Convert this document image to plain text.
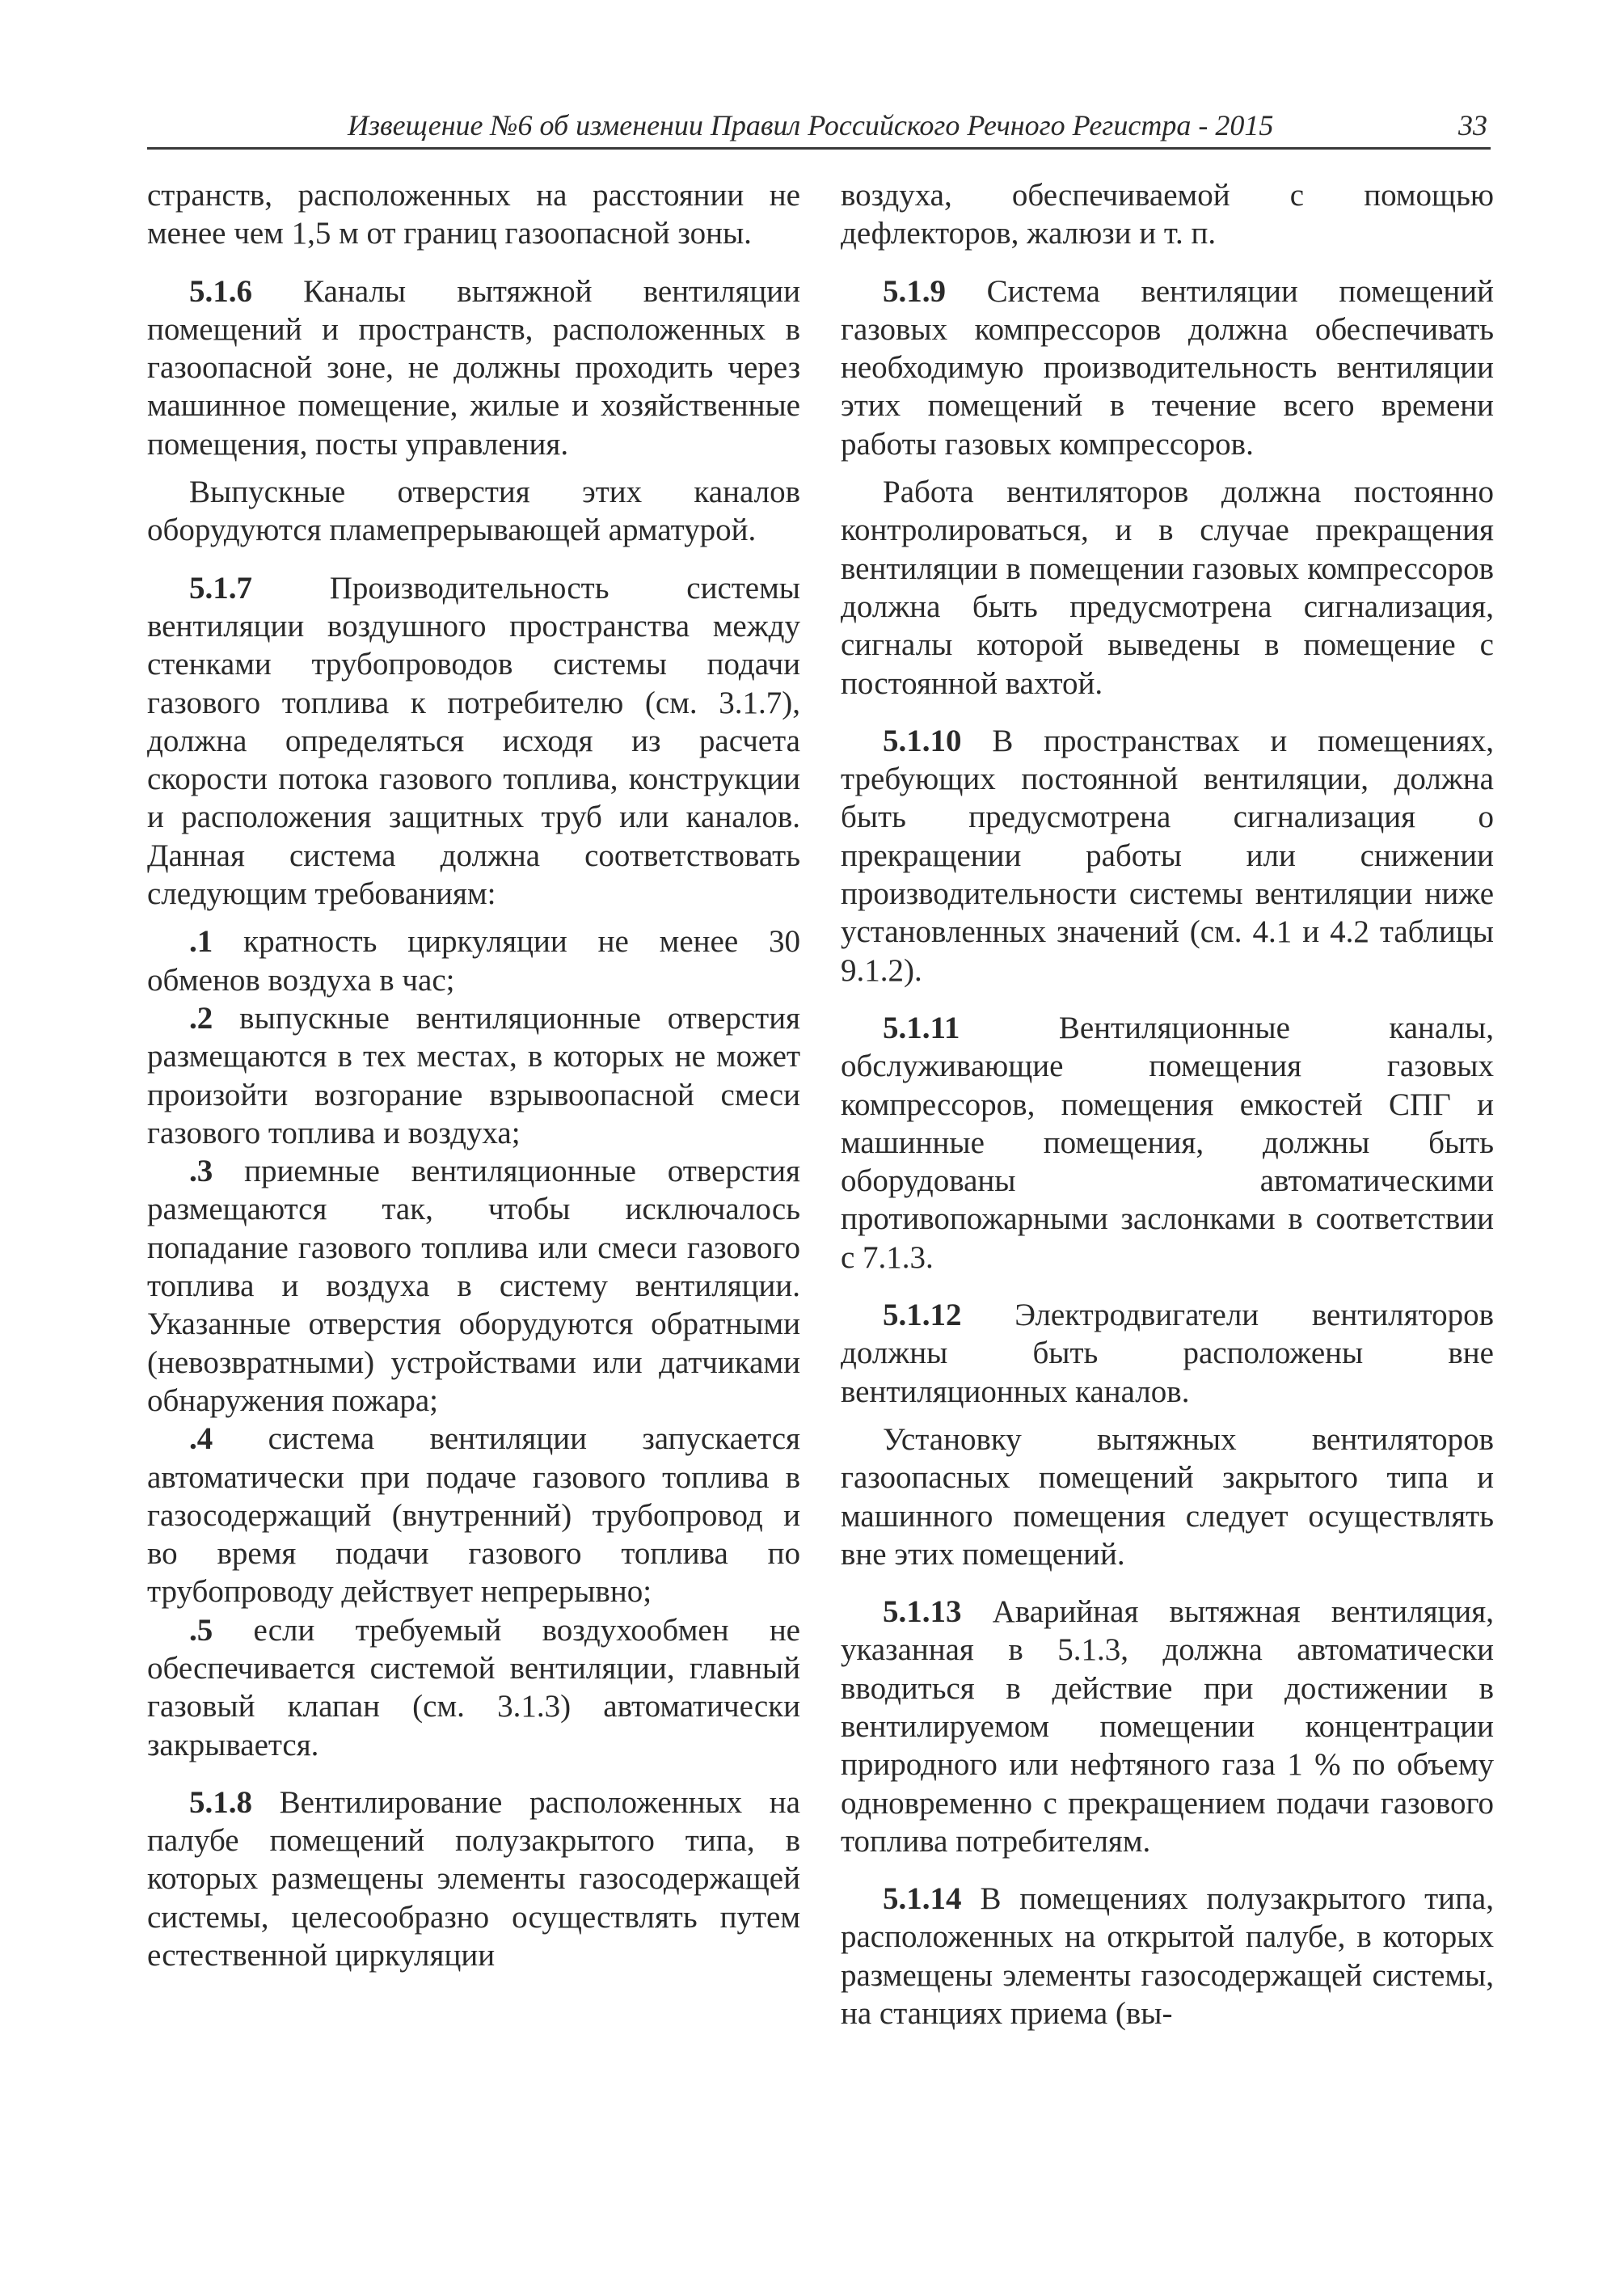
Извещение №6 об изменении Правил Российского Речного Регистра - 2015	33

странств, расположенных на расстоянии не менее чем 1,5 м от границ газоопасной зоны.

5.1.6 Каналы вытяжной вентиляции помещений и пространств, расположенных в газоопасной зоне, не должны проходить через машинное помещение, жилые и хозяйственные помещения, посты управления.

Выпускные отверстия этих каналов оборудуются пламепрерывающей арматурой.

5.1.7 Производительность системы вентиляции воздушного пространства между стенками трубопроводов системы подачи газового топлива к потребителю (см. 3.1.7), должна определяться исходя из расчета скорости потока газового топлива, конструкции и расположения защитных труб или каналов. Данная система должна соответствовать следующим требованиям:

.1 кратность циркуляции не менее 30 обменов воздуха в час;

.2 выпускные вентиляционные отверстия размещаются в тех местах, в которых не может произойти возгорание взрывоопасной смеси газового топлива и воздуха;

.3 приемные вентиляционные отверстия размещаются так, чтобы исключалось попадание газового топлива или смеси газового топлива и воздуха в систему вентиляции. Указанные отверстия оборудуются обратными (невозвратными) устройствами или датчиками обнаружения пожара;

.4 система вентиляции запускается автоматически при подаче газового топлива в газосодержащий (внутренний) трубопровод и во время подачи газового топлива по трубопроводу действует непрерывно;

.5 если требуемый воздухообмен не обеспечивается системой вентиляции, главный газовый клапан (см. 3.1.3) автоматически закрывается.

5.1.8 Вентилирование расположенных на палубе помещений полузакрытого типа, в которых размещены элементы газосодержащей системы, целесообразно осуществлять путем естественной циркуляции

воздуха, обеспечиваемой с помощью дефлекторов, жалюзи и т. п.

5.1.9 Система вентиляции помещений газовых компрессоров должна обеспечивать необходимую производительность вентиляции этих помещений в течение всего времени работы газовых компрессоров.

Работа вентиляторов должна постоянно контролироваться, и в случае прекращения вентиляции в помещении газовых компрессоров должна быть предусмотрена сигнализация, сигналы которой выведены в помещение с постоянной вахтой.

5.1.10 В пространствах и помещениях, требующих постоянной вентиляции, должна быть предусмотрена сигнализация о прекращении работы или снижении производительности системы вентиляции ниже установленных значений (см. 4.1 и 4.2 таблицы 9.1.2).

5.1.11 Вентиляционные каналы, обслуживающие помещения газовых компрессоров, помещения емкостей СПГ и машинные помещения, должны быть оборудованы автоматическими противопожарными заслонками в соответствии с 7.1.3.

5.1.12 Электродвигатели вентиляторов должны быть расположены вне вентиляционных каналов.

Установку вытяжных вентиляторов газоопасных помещений закрытого типа и машинного помещения следует осуществлять вне этих помещений.

5.1.13 Аварийная вытяжная вентиляция, указанная в 5.1.3, должна автоматически вводиться в действие при достижении в вентилируемом помещении концентрации природного или нефтяного газа 1 % по объему одновременно с прекращением подачи газового топлива потребителям.

5.1.14 В помещениях полузакрытого типа, расположенных на открытой палубе, в которых размещены элементы газосодержащей системы, на станциях приема (вы-
